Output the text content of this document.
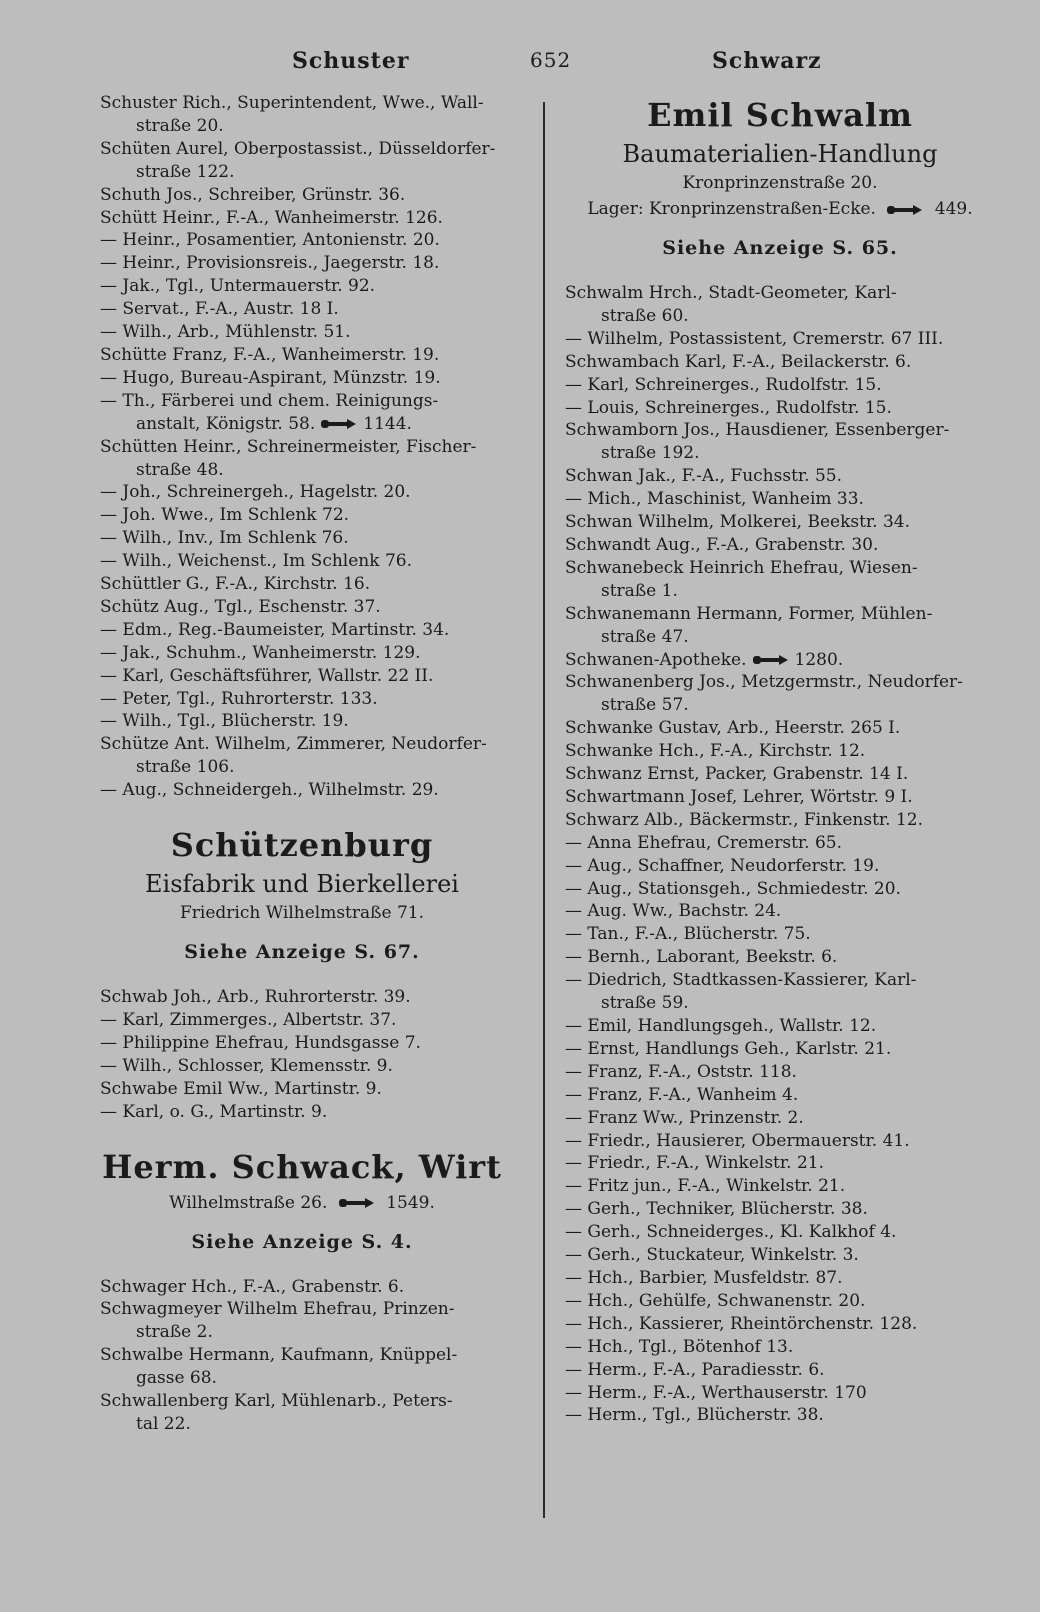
Schuster	652	Schwarz
Schuster Rich., Superintendent, Wwe., Wall-
straße 20.
Schüten Aurel, Oberpostassist., Düsseldorfer-
straße 122.
Schuth Jos., Schreiber, Grünstr. 36.
Schütt Heinr., F.-A., Wanheimerstr. 126.
— Heinr., Posamentier, Antonienstr. 20.
— Heinr., Provisionsreis., Jaegerstr. 18.
— Jak., Tgl., Untermauerstr. 92.
— Servat., F.-A., Austr. 18 I.
— Wilh., Arb., Mühlenstr. 51.
Schütte Franz, F.-A., Wanheimerstr. 19.
— Hugo, Bureau-Aspirant, Münzstr. 19.
— Th., Färberei und chem. Reinigungs-
anstalt, Königstr. 58.	1144.
Schütten Heinr., Schreinermeister, Fischer-
straße 48.
— Joh., Schreinergeh., Hagelstr. 20.
— Joh. Wwe., Im Schlenk 72.
— Wilh., Inv., Im Schlenk 76.
— Wilh., Weichenst., Im Schlenk 76.
Schüttler G., F.-A., Kirchstr. 16.
Schütz Aug., Tgl., Eschenstr. 37.
— Edm., Reg.-Baumeister, Martinstr. 34.
— Jak., Schuhm., Wanheimerstr. 129.
— Karl, Geschäftsführer, Wallstr. 22 II.
— Peter, Tgl., Ruhrorterstr. 133.
— Wilh., Tgl., Blücherstr. 19.
Schütze Ant. Wilhelm, Zimmerer, Neudorfer-
straße 106.
— Aug., Schneidergeh., Wilhelmstr. 29.
Schützenburg
Eisfabrik und Bierkellerei
Friedrich Wilhelmstraße 71.
Siehe Anzeige S. 67.
Schwab Joh., Arb., Ruhrorterstr. 39.
— Karl, Zimmerges., Albertstr. 37.
— Philippine Ehefrau, Hundsgasse 7.
— Wilh., Schlosser, Klemensstr. 9.
Schwabe Emil Ww., Martinstr. 9.
— Karl, o. G., Martinstr. 9.
Herm. Schwack, Wirt
Wilhelmstraße 26.	1549.
Siehe Anzeige S. 4.
Schwager Hch., F.-A., Grabenstr. 6.
Schwagmeyer Wilhelm Ehefrau, Prinzen-
straße 2.
Schwalbe Hermann, Kaufmann, Knüppel-
gasse 68.
Schwallenberg Karl, Mühlenarb., Peters-
tal 22.
Emil Schwalm
Baumaterialien-Handlung
Kronprinzenstraße 20.
Lager: Kronprinzenstraßen-Ecke.	449.
Siehe Anzeige S. 65.
Schwalm Hrch., Stadt-Geometer, Karl-
straße 60.
— Wilhelm, Postassistent, Cremerstr. 67 III.
Schwambach Karl, F.-A., Beilackerstr. 6.
— Karl, Schreinerges., Rudolfstr. 15.
— Louis, Schreinerges., Rudolfstr. 15.
Schwamborn Jos., Hausdiener, Essenberger-
straße 192.
Schwan Jak., F.-A., Fuchsstr. 55.
— Mich., Maschinist, Wanheim 33.
Schwan Wilhelm, Molkerei, Beekstr. 34.
Schwandt Aug., F.-A., Grabenstr. 30.
Schwanebeck Heinrich Ehefrau, Wiesen-
straße 1.
Schwanemann Hermann, Former, Mühlen-
straße 47.
Schwanen-Apotheke.	1280.
Schwanenberg Jos., Metzgermstr., Neudorfer-
straße 57.
Schwanke Gustav, Arb., Heerstr. 265 I.
Schwanke Hch., F.-A., Kirchstr. 12.
Schwanz Ernst, Packer, Grabenstr. 14 I.
Schwartmann Josef, Lehrer, Wörtstr. 9 I.
Schwarz Alb., Bäckermstr., Finkenstr. 12.
— Anna Ehefrau, Cremerstr. 65.
— Aug., Schaffner, Neudorferstr. 19.
— Aug., Stationsgeh., Schmiedestr. 20.
— Aug. Ww., Bachstr. 24.
— Tan., F.-A., Blücherstr. 75.
— Bernh., Laborant, Beekstr. 6.
— Diedrich, Stadtkassen-Kassierer, Karl-
straße 59.
— Emil, Handlungsgeh., Wallstr. 12.
— Ernst, Handlungs Geh., Karlstr. 21.
— Franz, F.-A., Oststr. 118.
— Franz, F.-A., Wanheim 4.
— Franz Ww., Prinzenstr. 2.
— Friedr., Hausierer, Obermauerstr. 41.
— Friedr., F.-A., Winkelstr. 21.
— Fritz jun., F.-A., Winkelstr. 21.
— Gerh., Techniker, Blücherstr. 38.
— Gerh., Schneiderges., Kl. Kalkhof 4.
— Gerh., Stuckateur, Winkelstr. 3.
— Hch., Barbier, Musfeldstr. 87.
— Hch., Gehülfe, Schwanenstr. 20.
— Hch., Kassierer, Rheintörchenstr. 128.
— Hch., Tgl., Bötenhof 13.
— Herm., F.-A., Paradiesstr. 6.
— Herm., F.-A., Werthauserstr. 170
— Herm., Tgl., Blücherstr. 38.
